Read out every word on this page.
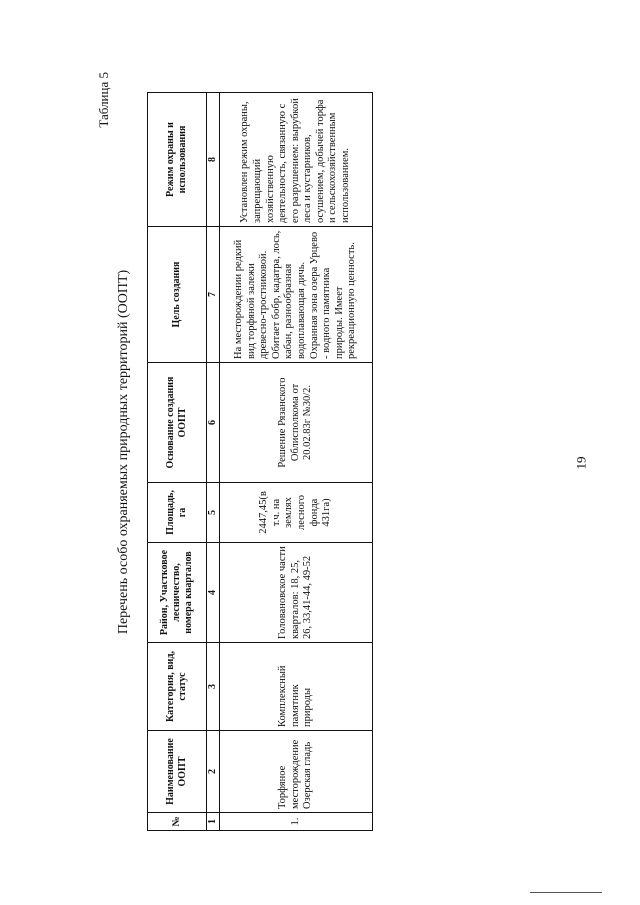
Таблица 5
Перечень особо охраняемых природных территорий (ООПТ)
№	Наименование ООПТ	Категория, вид, статус	Район, Участковое лесничество, номера кварталов	Площадь, га	Основание создания ООПТ	Цель создания	Режим охраны и использования
1	2	3	4	5	6	7	8
1.	Торфяное месторождение Озерская гладь	Комплексный памятник природы	Головановское части кварталов: 18, 25, 26, 33,41-44, 49-52	2447,45(в т.ч. на землях лесного фонда 431га)	Решение Рязанского Облисполкома от 20.02.83г №30/2.	На месторождении редкий вид торфяной залежи древесно-тростниковой. Обитает бобр, кадатра, лось, кабан, разнообразная водоплавающая дичь. Охранная зона озера Урцево - водного памятника природы. Имеет рекреационную ценность.	Установлен режим охраны, запрещающий хозяйственную деятельность, связанную с его разрушением: вырубкой леса и кустарников, осушением, добычей торфа и сельскохозяйственным использованием.
19
